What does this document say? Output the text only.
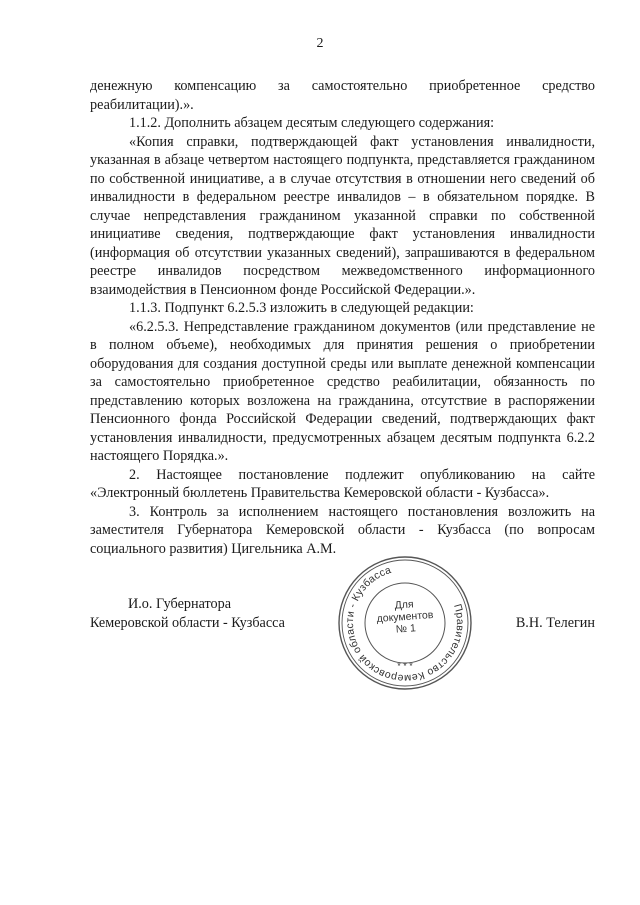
2

денежную компенсацию за самостоятельно приобретенное средство реабилитации).».

1.1.2. Дополнить абзацем десятым следующего содержания:

«Копия справки, подтверждающей факт установления инвалидности, указанная в абзаце четвертом настоящего подпункта, представляется гражданином по собственной инициативе, а в случае отсутствия в отношении него сведений об инвалидности в федеральном реестре инвалидов – в обязательном порядке. В случае непредставления гражданином указанной справки по собственной инициативе сведения, подтверждающие факт установления инвалидности (информация об отсутствии указанных сведений), запрашиваются в федеральном реестре инвалидов посредством межведомственного информационного взаимодействия в Пенсионном фонде Российской Федерации.».

1.1.3. Подпункт 6.2.5.3 изложить в следующей редакции:

«6.2.5.3. Непредставление гражданином документов (или представление не в полном объеме), необходимых для принятия решения о приобретении оборудования для создания доступной среды или выплате денежной компенсации за самостоятельно приобретенное средство реабилитации, обязанность по представлению которых возложена на гражданина, отсутствие в распоряжении Пенсионного фонда Российской Федерации сведений, подтверждающих факт установления инвалидности, предусмотренных абзацем десятым подпункта 6.2.2 настоящего Порядка.».

2. Настоящее постановление подлежит опубликованию на сайте «Электронный бюллетень Правительства Кемеровской области - Кузбасса».

3. Контроль за исполнением настоящего постановления возложить на заместителя Губернатора Кемеровской области - Кузбасса (по вопросам социального развития) Цигельника А.М.

И.о. Губернатора
Кемеровской области - Кузбасса	В.Н. Телегин
Правительство Кемеровской области - Кузбасса
* * *
Для
документов
№ 1
